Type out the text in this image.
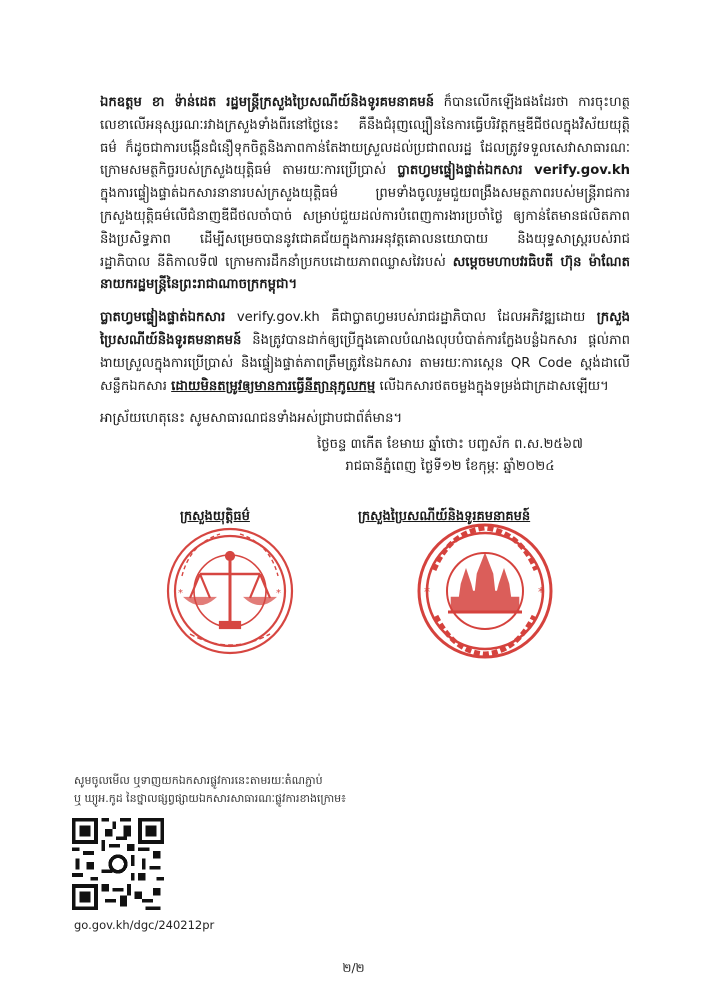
ឯកឧត្តម ខា ទ៉ាន់ដេត រដ្ឋមន្ត្រីក្រសួងប្រៃសណីយ៍និងទូរគមនាគមន៍ ក៏បានលើកឡើងផងដែរថា ការចុះហត្ថលេខាលើអនុស្សរណៈរវាងក្រសួងទាំងពីរនៅថ្ងៃនេះ គឺនឹងជំរុញល្បឿននៃការធ្វើបរិវត្តកម្មឌីជីថលក្នុងវិស័យយុត្តិធម៌ ក៏ដូចជាការបង្កើនជំនឿទុកចិត្តនិងភាពកាន់តែងាយស្រួលដល់ប្រជាពលរដ្ឋ ដែលត្រូវទទួលសេវាសាធារណៈក្រោមសមត្ថកិច្ចរបស់ក្រសួងយុត្តិធម៌ តាមរយៈការប្រើប្រាស់ ប្លាតហ្វមផ្ទៀងផ្ទាត់ឯកសារ verify.gov.kh ក្នុងការផ្ទៀងផ្ទាត់ឯកសារនានារបស់ក្រសួងយុត្តិធម៌ ព្រមទាំងចូលរួមជួយពង្រឹងសមត្ថភាពរបស់មន្ត្រីរាជការក្រសួងយុត្តិធម៌លើជំនាញឌីជីថលចាំបាច់ សម្រាប់ជួយដល់ការបំពេញការងារប្រចាំថ្ងៃ ឲ្យកាន់តែមានផលិតភាពនិងប្រសិទ្ធភាព ដើម្បីសម្រេចបាននូវជោគជ័យក្នុងការអនុវត្តគោលនយោបាយ និងយុទ្ធសាស្ត្ររបស់រាជរដ្ឋាភិបាល នីតិកាលទី៧ ក្រោមការដឹកនាំប្រកបដោយភាពឈ្លាសវៃរបស់ សម្តេចមហាបវរធិបតី ហ៊ុន ម៉ាណែត នាយករដ្ឋមន្ត្រីនៃព្រះរាជាណាចក្រកម្ពុជា។

ប្លាតហ្វមផ្ទៀងផ្ទាត់ឯកសារ verify.gov.kh គឺជាប្លាតហ្វមរបស់រាជរដ្ឋាភិបាល ដែលអភិវឌ្ឍដោយ ក្រសួងប្រៃសណីយ៍និងទូរគមនាគមន៍ និងត្រូវបានដាក់ឲ្យប្រើក្នុងគោលបំណងលុបបំបាត់ការក្លែងបន្លំឯកសារ ផ្តល់ភាពងាយស្រួលក្នុងការប្រើប្រាស់ និងផ្ទៀងផ្ទាត់ភាពត្រឹមត្រូវនៃឯកសារ តាមរយៈការស្កេន QR Code ស្តង់ដាលើសន្លឹកឯកសារ ដោយមិនតម្រូវឲ្យមានការធ្វើនីត្យានុកូលកម្ម លើឯកសារថតចម្លងក្នុងទម្រង់ជាក្រដាសឡើយ។

អាស្រ័យហេតុនេះ សូមសាធារណជនទាំងអស់ជ្រាបជាព័ត៌មាន។

ថ្ងៃចន្ទ ៣កើត ខែមាឃ ឆ្នាំថោះ បញ្ចស័ក ព.ស.២៥៦៧
រាជធានីភ្នំពេញ ថ្ងៃទី១២ ខែកុម្ភៈ ឆ្នាំ២០២៤
ក្រសួងយុត្តិធម៌
*	*
ក្រសួងប្រៃសណីយ៍និងទូរគមនាគមន៍
*	*
សូមចូលមើល ឬទាញយកឯកសារផ្លូវការនេះតាមរយៈតំណភ្ជាប់
ឬ ឃ្យូអ.កូដ នៃថ្នាលផ្សព្វផ្សាយឯកសារសាធារណៈផ្លូវការខាងក្រោម៖
go.gov.kh/dgc/240212pr
២/២
